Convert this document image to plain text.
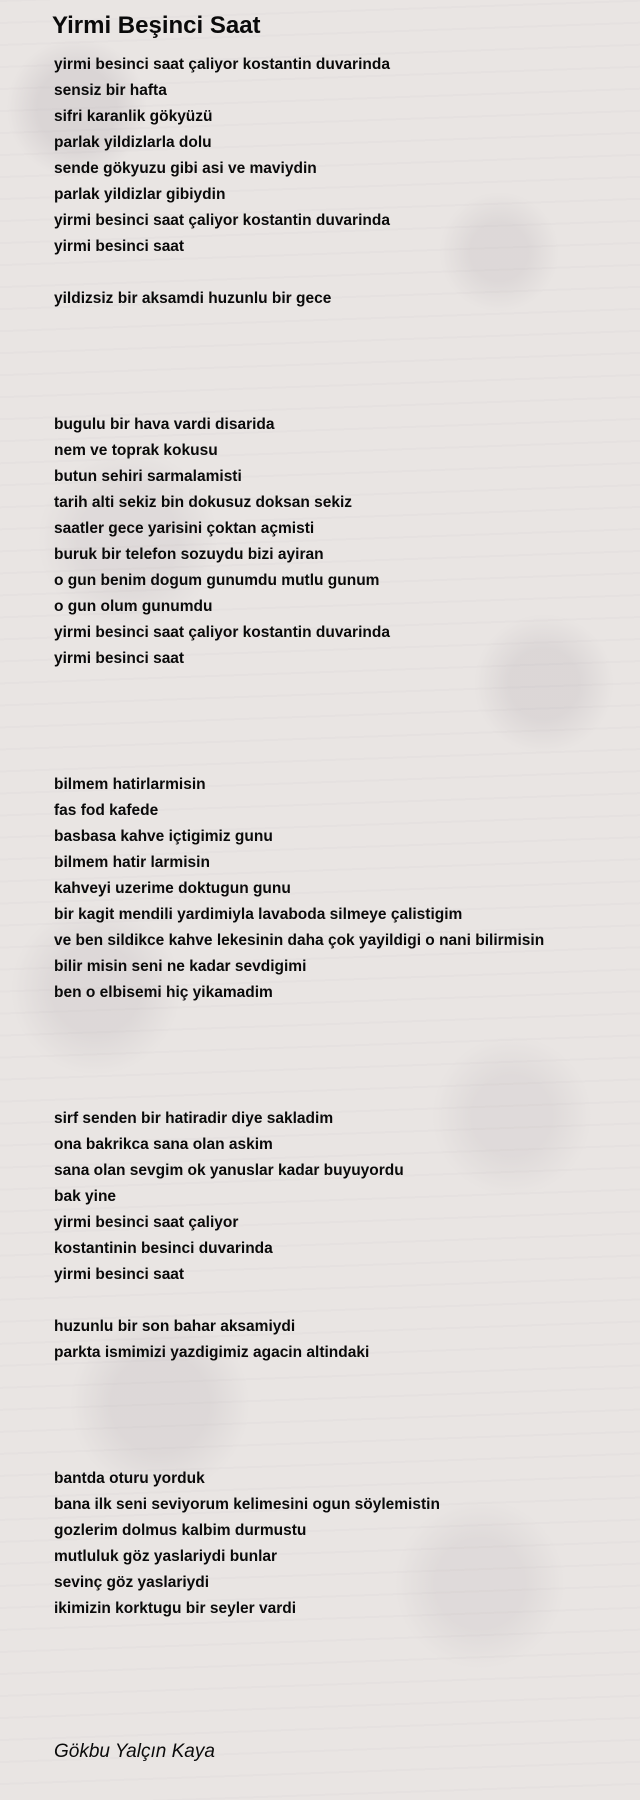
Yirmi Beşinci Saat
yirmi besinci saat çaliyor kostantin duvarinda
sensiz bir hafta
sifri karanlik gökyüzü
parlak yildizlarla dolu
sende gökyuzu gibi asi ve maviydin
parlak yildizlar gibiydin
yirmi besinci saat çaliyor kostantin duvarinda
yirmi besinci saat
yildizsiz bir aksamdi huzunlu bir gece
bugulu bir hava vardi disarida
nem ve toprak kokusu
butun sehiri sarmalamisti
tarih alti sekiz bin dokusuz doksan sekiz
saatler gece yarisini çoktan açmisti
buruk bir telefon sozuydu bizi ayiran
o gun benim dogum gunumdu mutlu gunum
o gun olum gunumdu
yirmi besinci saat çaliyor kostantin duvarinda
yirmi besinci saat
bilmem hatirlarmisin
fas fod kafede
basbasa kahve içtigimiz gunu
bilmem hatir larmisin
kahveyi uzerime doktugun gunu
bir kagit mendili yardimiyla lavaboda silmeye çalistigim
ve ben sildikce kahve lekesinin daha çok yayildigi o nani bilirmisin
bilir misin seni ne kadar sevdigimi
ben o elbisemi hiç yikamadim
sirf senden bir hatiradir diye sakladim
ona bakrikca sana olan askim
sana olan sevgim ok yanuslar kadar buyuyordu
bak yine
yirmi besinci saat çaliyor
kostantinin besinci duvarinda
yirmi besinci saat
huzunlu bir son bahar aksamiydi
parkta ismimizi yazdigimiz agacin altindaki
bantda oturu yorduk
bana ilk seni seviyorum kelimesini ogun söylemistin
gozlerim dolmus kalbim durmustu
mutluluk göz yaslariydi bunlar
sevinç göz yaslariydi
ikimizin korktugu bir seyler vardi
Gökbu Yalçın Kaya
